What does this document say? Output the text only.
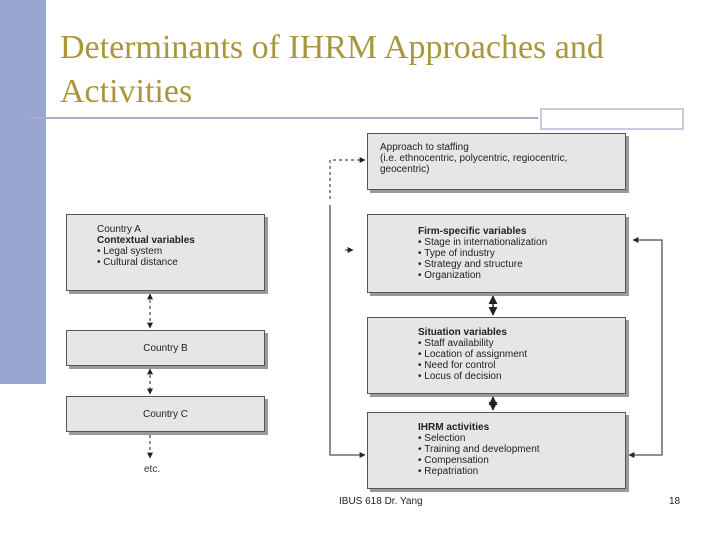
Determinants of IHRM Approaches and Activities
Approach to staffing
(i.e. ethnocentric, polycentric, regiocentric, geocentric)
Firm-specific variables
• Stage in internationalization
• Type of industry
• Strategy and structure
• Organization
Situation variables
• Staff availability
• Location of assignment
• Need for control
• Locus of decision
IHRM activities
• Selection
• Training and development
• Compensation
• Repatriation
Country A
Contextual variables
• Legal system
• Cultural distance
Country B
Country C
etc.
IBUS 618 Dr. Yang	18
